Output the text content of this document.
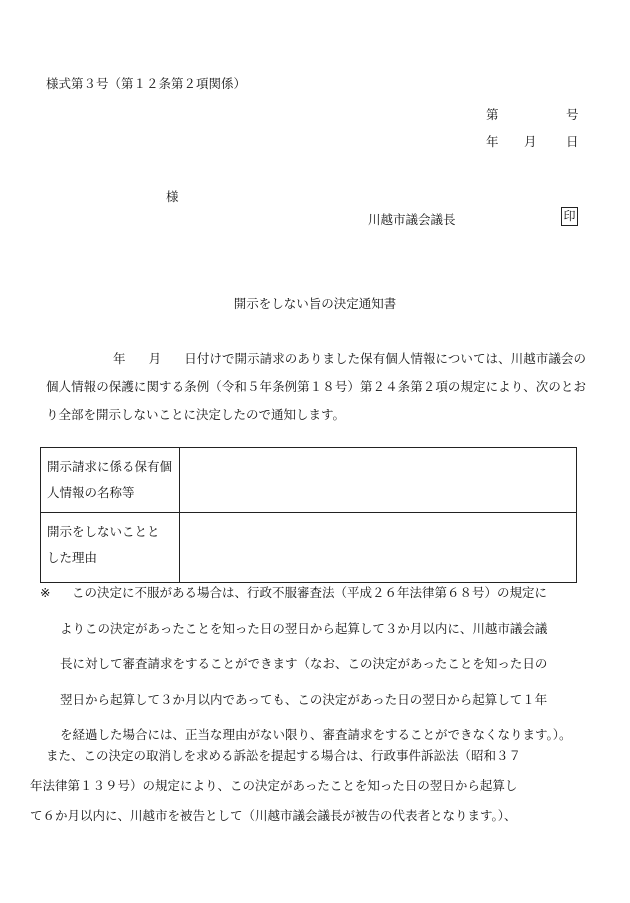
様式第３号（第１２条第２項関係）
第	号
年 月 日
様
川越市議会議長	印
開示をしない旨の決定通知書
年 月 日付けで開示請求のありました保有個人情報については、川越市議会の個人情報の保護に関する条例（令和５年条例第１８号）第２４条第２項の規定により、次のとおり全部を開示しないことに決定したので通知します。
開示請求に係る保有個人情報の名称等	
開示をしないことと した理由	
※ この決定に不服がある場合は、行政不服審査法（平成２６年法律第６８号）の規定に
よりこの決定があったことを知った日の翌日から起算して３か月以内に、川越市議会議
長に対して審査請求をすることができます（なお、この決定があったことを知った日の
翌日から起算して３か月以内であっても、この決定があった日の翌日から起算して１年
を経過した場合には、正当な理由がない限り、審査請求をすることができなくなります。）。
また、この決定の取消しを求める訴訟を提起する場合は、行政事件訴訟法（昭和３７
年法律第１３９号）の規定により、この決定があったことを知った日の翌日から起算し
て６か月以内に、川越市を被告として（川越市議会議長が被告の代表者となります。）、
